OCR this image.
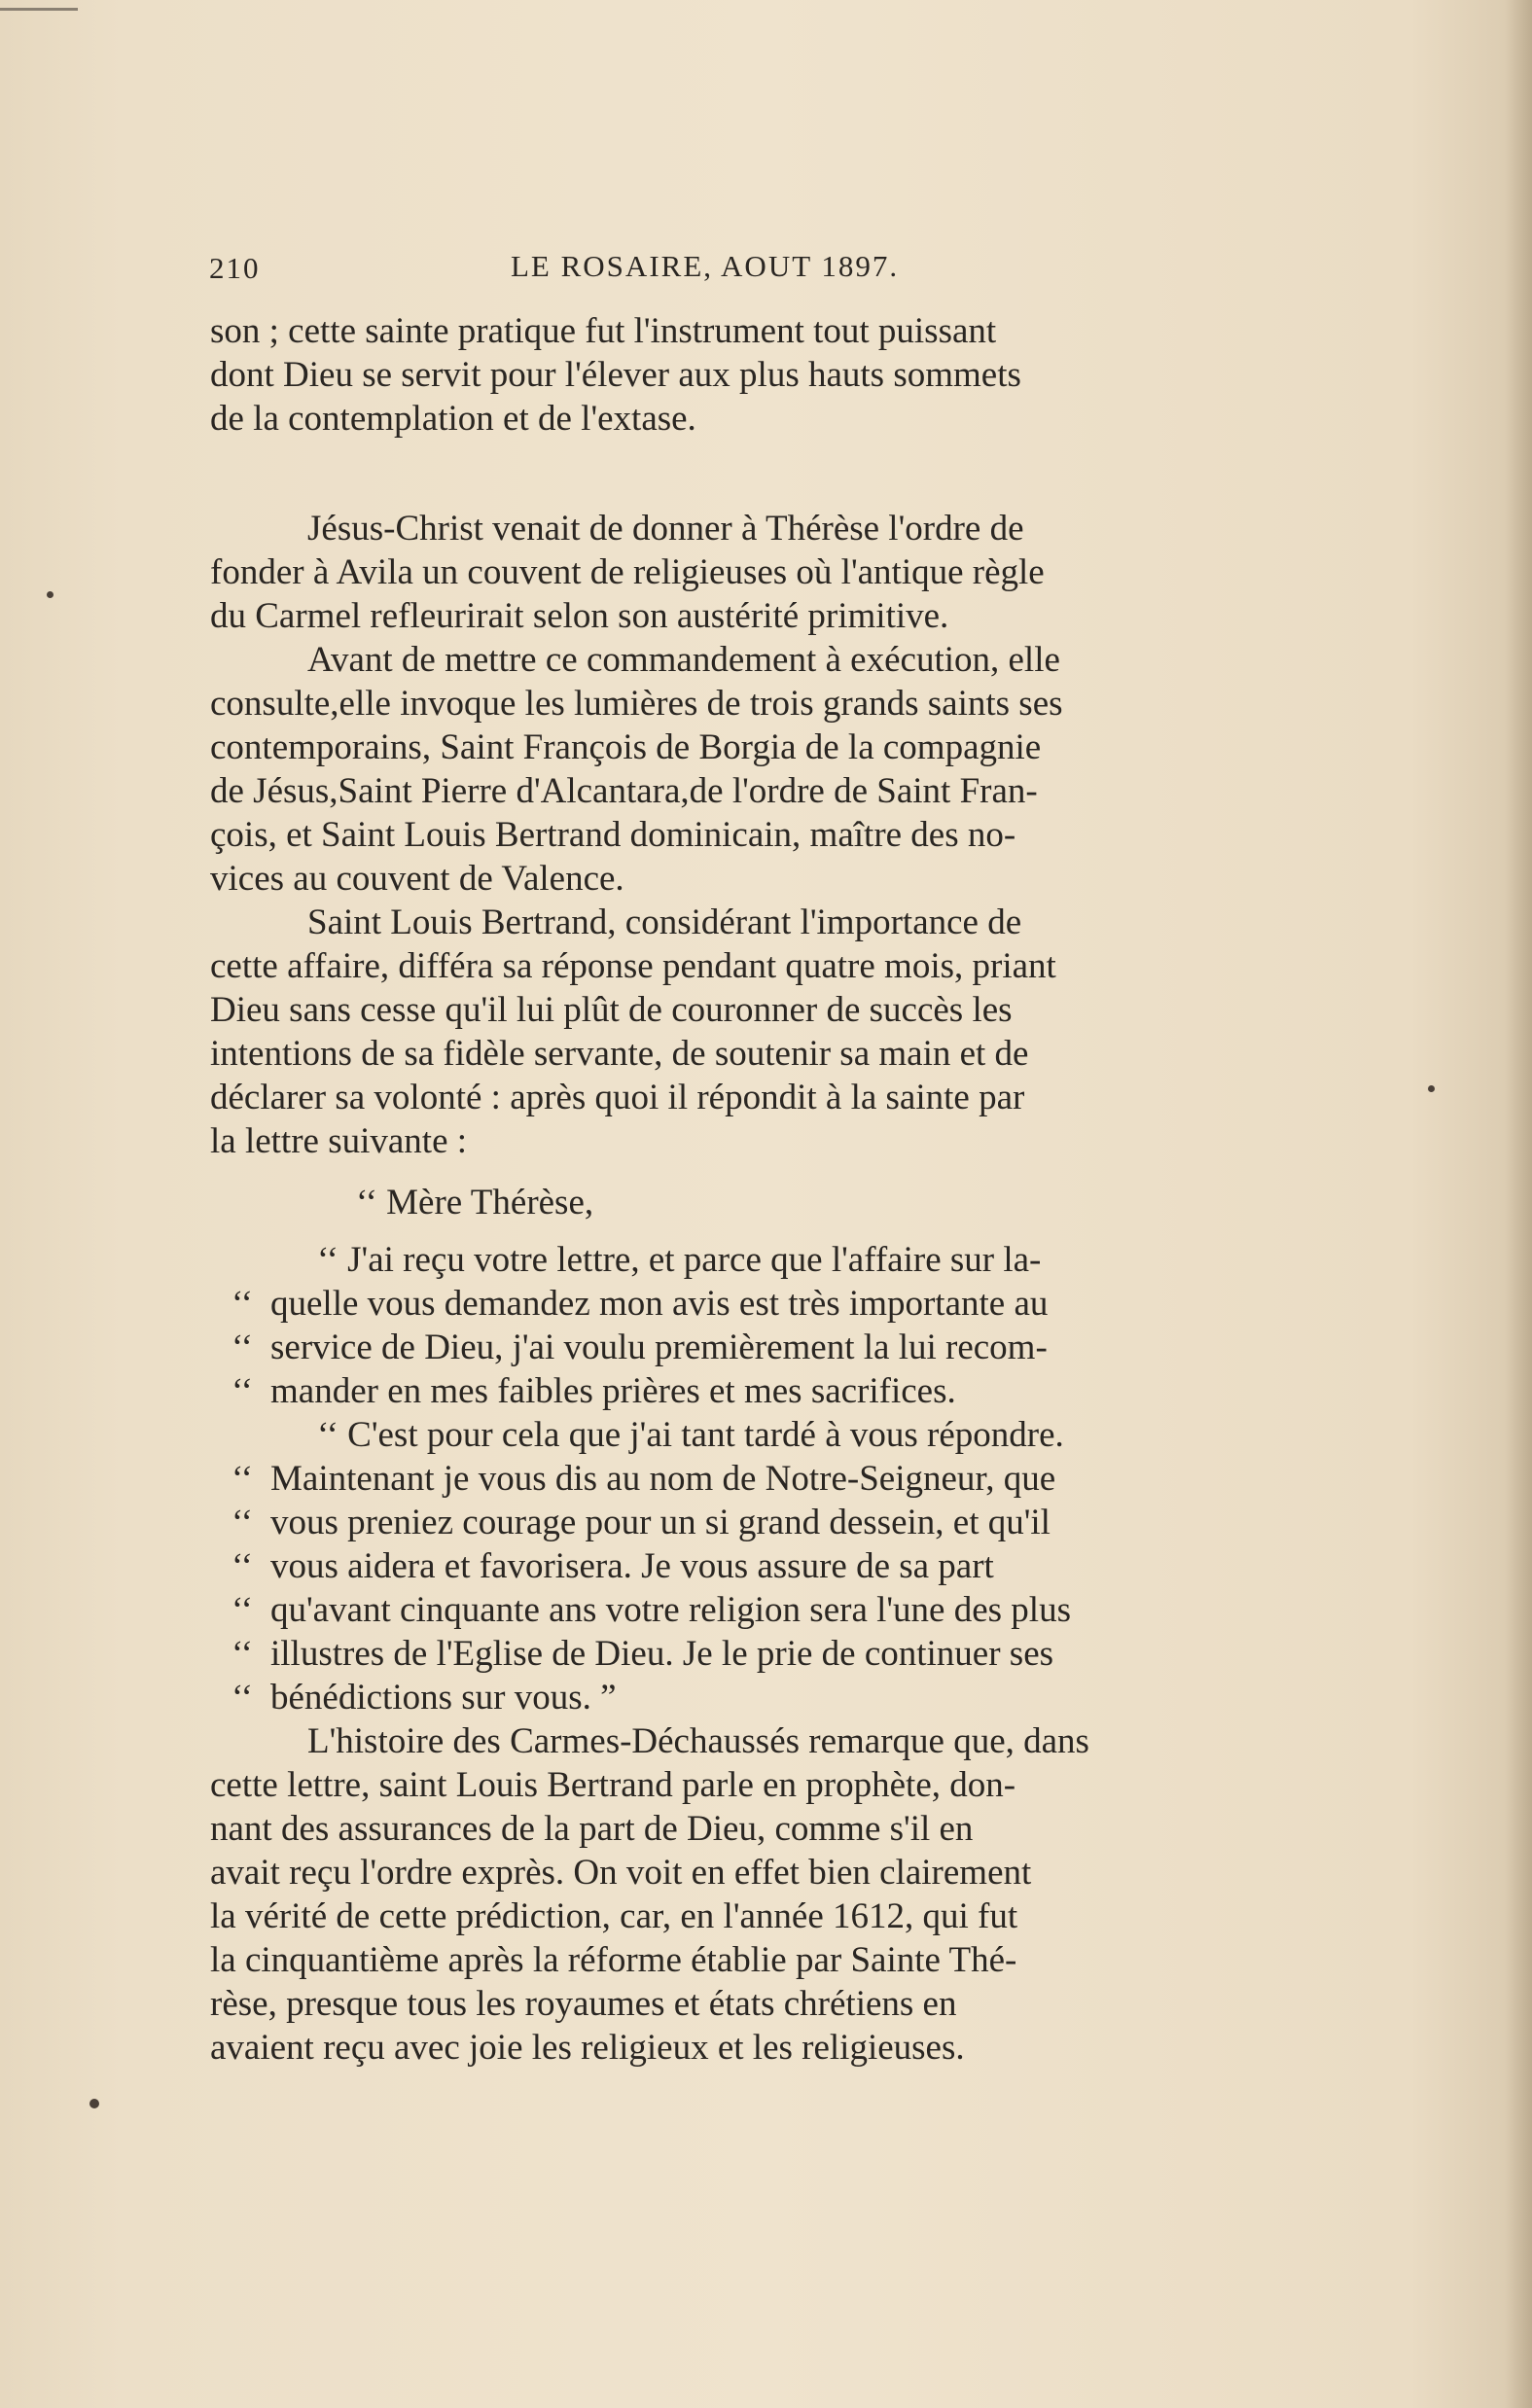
210	LE ROSAIRE, AOUT 1897.
son ; cette sainte pratique fut l'instrument tout puissant
dont Dieu se servit pour l'élever aux plus hauts sommets
de la contemplation et de l'extase.
Jésus-Christ venait de donner à Thérèse l'ordre de
fonder à Avila un couvent de religieuses où l'antique règle
du Carmel refleurirait selon son austérité primitive.
Avant de mettre ce commandement à exécution, elle
consulte,elle invoque les lumières de trois grands saints ses
contemporains, Saint François de Borgia de la compagnie
de Jésus,Saint Pierre d'Alcantara,de l'ordre de Saint Fran-
çois, et Saint Louis Bertrand dominicain, maître des no-
vices au couvent de Valence.
Saint Louis Bertrand, considérant l'importance de
cette affaire, différa sa réponse pendant quatre mois, priant
Dieu sans cesse qu'il lui plût de couronner de succès les
intentions de sa fidèle servante, de soutenir sa main et de
déclarer sa volonté : après quoi il répondit à la sainte par
la lettre suivante :
‘‘ Mère Thérèse,
‘‘ J'ai reçu votre lettre, et parce que l'affaire sur la-
‘‘ quelle vous demandez mon avis est très importante au
‘‘ service de Dieu, j'ai voulu premièrement la lui recom-
‘‘ mander en mes faibles prières et mes sacrifices.
‘‘ C'est pour cela que j'ai tant tardé à vous répondre.
‘‘ Maintenant je vous dis au nom de Notre-Seigneur, que
‘‘ vous preniez courage pour un si grand dessein, et qu'il
‘‘ vous aidera et favorisera. Je vous assure de sa part
‘‘ qu'avant cinquante ans votre religion sera l'une des plus
‘‘ illustres de l'Eglise de Dieu. Je le prie de continuer ses
‘‘ bénédictions sur vous. ”
L'histoire des Carmes-Déchaussés remarque que, dans
cette lettre, saint Louis Bertrand parle en prophète, don-
nant des assurances de la part de Dieu, comme s'il en
avait reçu l'ordre exprès. On voit en effet bien clairement
la vérité de cette prédiction, car, en l'année 1612, qui fut
la cinquantième après la réforme établie par Sainte Thé-
rèse, presque tous les royaumes et états chrétiens en
avaient reçu avec joie les religieux et les religieuses.
